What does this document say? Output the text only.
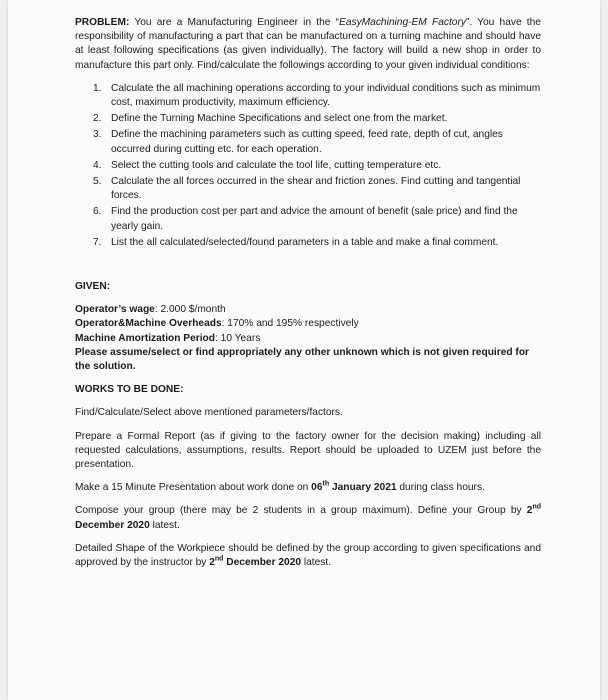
PROBLEM: You are a Manufacturing Engineer in the “EasyMachining-EM Factory”. You have the responsibility of manufacturing a part that can be manufactured on a turning machine and should have at least following specifications (as given individually). The factory will build a new shop in order to manufacture this part only. Find/calculate the followings according to your given individual conditions:

1. Calculate the all machining operations according to your individual conditions such as minimum cost, maximum productivity, maximum efficiency.
2. Define the Turning Machine Specifications and select one from the market.
3. Define the machining parameters such as cutting speed, feed rate, depth of cut, angles occurred during cutting etc. for each operation.
4. Select the cutting tools and calculate the tool life, cutting temperature etc.
5. Calculate the all forces occurred in the shear and friction zones. Find cutting and tangential forces.
6. Find the production cost per part and advice the amount of benefit (sale price) and find the yearly gain.
7. List the all calculated/selected/found parameters in a table and make a final comment.

GIVEN:

Operator’s wage: 2.000 $/month

Operator&Machine Overheads: 170% and 195% respectively

Machine Amortization Period: 10 Years

Please assume/select or find appropriately any other unknown which is not given required for the solution.

WORKS TO BE DONE:

Find/Calculate/Select above mentioned parameters/factors.

Prepare a Formal Report (as if giving to the factory owner for the decision making) including all requested calculations, assumptions, results. Report should be uploaded to UZEM just before the presentation.

Make a 15 Minute Presentation about work done on 06th January 2021 during class hours.

Compose your group (there may be 2 students in a group maximum). Define your Group by 2nd December 2020 latest.

Detailed Shape of the Workpiece should be defined by the group according to given specifications and approved by the instructor by 2nd December 2020 latest.
